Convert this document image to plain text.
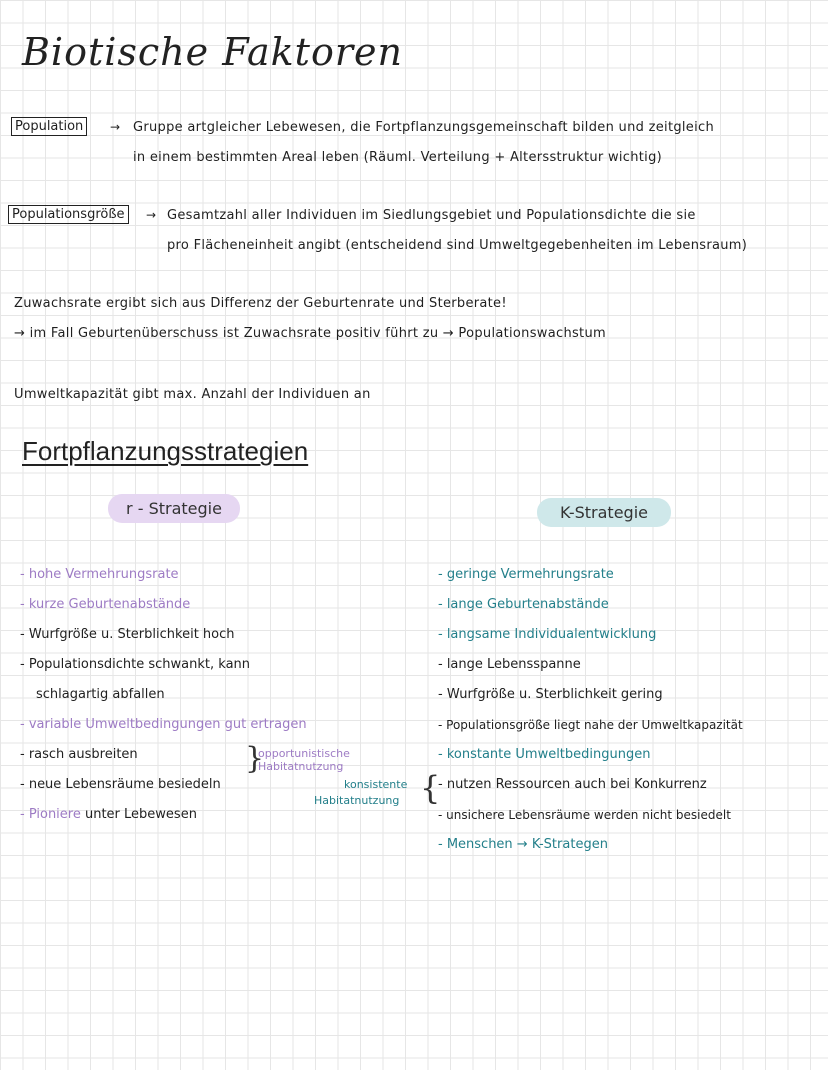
Biotische Faktoren
Population	→ Gruppe artgleicher Lebewesen, die Fortpflanzungsgemeinschaft bilden und zeitgleich
in einem bestimmten Areal leben (Räuml. Verteilung + Altersstruktur wichtig)
Populationsgröße	→ Gesamtzahl aller Individuen im Siedlungsgebiet und Populationsdichte die sie
pro Flächeneinheit angibt (entscheidend sind Umweltgegebenheiten im Lebensraum)
Zuwachsrate ergibt sich aus Differenz der Geburtenrate und Sterberate!
→ im Fall Geburtenüberschuss ist Zuwachsrate positiv führt zu → Populationswachstum
Umweltkapazität gibt max. Anzahl der Individuen an
Fortpflanzungsstrategien
r - Strategie	K-Strategie
- hohe Vermehrungsrate
- kurze Geburtenabstände
- Wurfgröße u. Sterblichkeit hoch
- Populationsdichte schwankt, kann
schlagartig abfallen
- variable Umweltbedingungen gut ertragen
- rasch ausbreiten
- neue Lebensräume besiedeln
- Pioniere unter Lebewesen
}
opportunistische
Habitatnutzung
konsistente
Habitatnutzung {
- geringe Vermehrungsrate
- lange Geburtenabstände
- langsame Individualentwicklung
- lange Lebensspanne
- Wurfgröße u. Sterblichkeit gering
- Populationsgröße liegt nahe der Umweltkapazität
- konstante Umweltbedingungen
- nutzen Ressourcen auch bei Konkurrenz
- unsichere Lebensräume werden nicht besiedelt
- Menschen → K-Strategen
